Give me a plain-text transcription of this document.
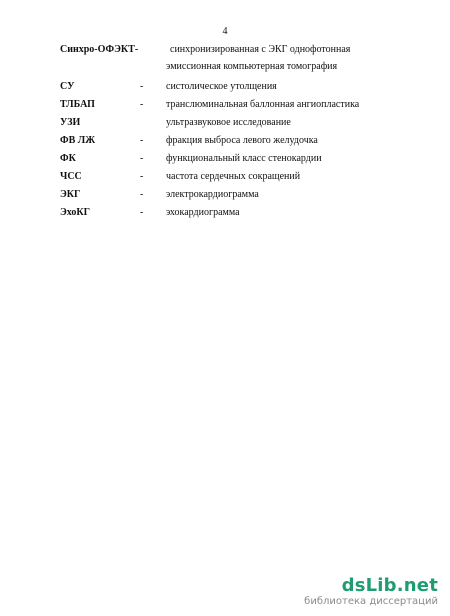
4
Синхро-ОФЭКТ-	синхронизированная с ЭКГ однофотонная
эмиссионная компьютерная томография
СУ	- систолическое утолщения
ТЛБАП	- транслюминальная баллонная ангиопластика
УЗИ	ультразвуковое исследование
ФВ ЛЖ	- фракция выброса левого желудочка
ФК	- функциональный класс стенокардии
ЧСС	- частота сердечных сокращений
ЭКГ	- электрокардиограмма
ЭхоКГ	- эхокардиограмма
dsLib.net
библиотека диссертаций
